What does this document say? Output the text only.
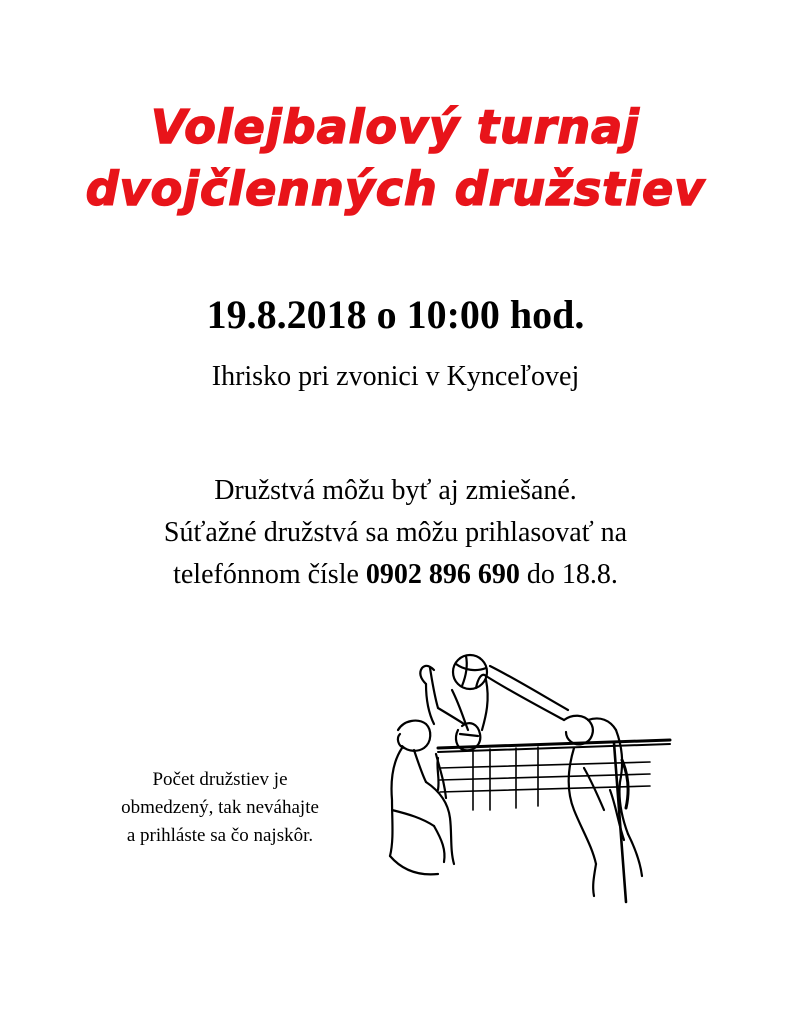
Volejbalový turnaj
dvojčlenných družstiev
19.8.2018 o 10:00 hod.
Ihrisko pri zvonici v Kynceľovej
Družstvá môžu byť aj zmiešané.
Súťažné družstvá sa môžu prihlasovať na
telefónnom čísle 0902 896 690 do 18.8.
Počet družstiev je
obmedzený, tak neváhajte
a prihláste sa čo najskôr.
